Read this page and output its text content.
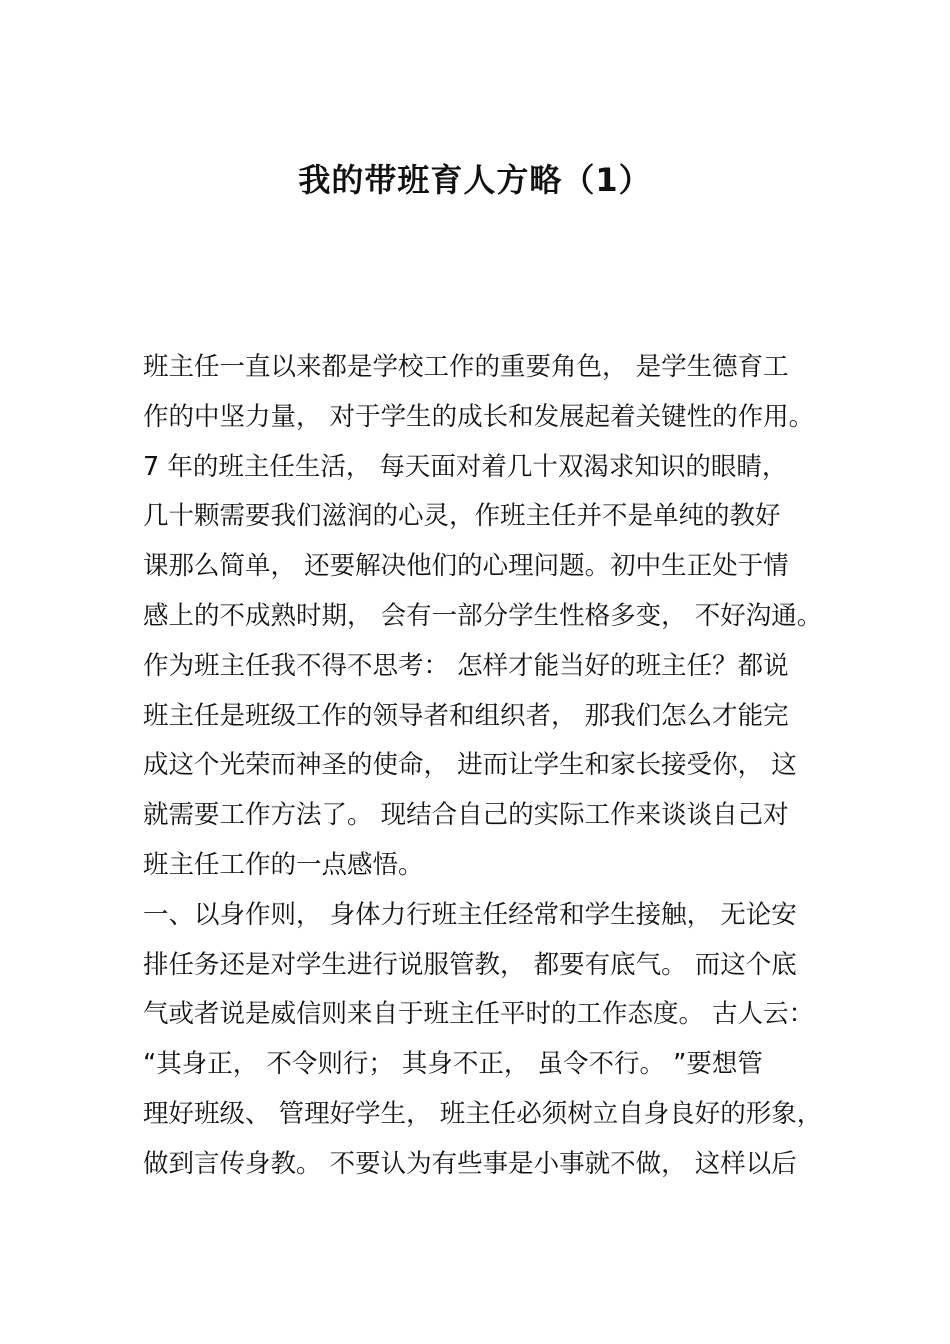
我的带班育人方略（1）
班主任一直以来都是学校工作的重要角色， 是学生德育工
作的中坚力量， 对于学生的成长和发展起着关键性的作用。
7 年的班主任生活， 每天面对着几十双渴求知识的眼睛，
几十颗需要我们滋润的心灵，作班主任并不是单纯的教好
课那么简单， 还要解决他们的心理问题。初中生正处于情
感上的不成熟时期， 会有一部分学生性格多变， 不好沟通。
作为班主任我不得不思考： 怎样才能当好的班主任？都说
班主任是班级工作的领导者和组织者， 那我们怎么才能完
成这个光荣而神圣的使命， 进而让学生和家长接受你， 这
就需要工作方法了。 现结合自己的实际工作来谈谈自己对
班主任工作的一点感悟。
一、以身作则， 身体力行班主任经常和学生接触， 无论安
排任务还是对学生进行说服管教， 都要有底气。 而这个底
气或者说是威信则来自于班主任平时的工作态度。 古人云：
“其身正， 不令则行； 其身不正， 虽令不行。 ”要想管
理好班级、 管理好学生， 班主任必须树立自身良好的形象，
做到言传身教。 不要认为有些事是小事就不做， 这样以后
